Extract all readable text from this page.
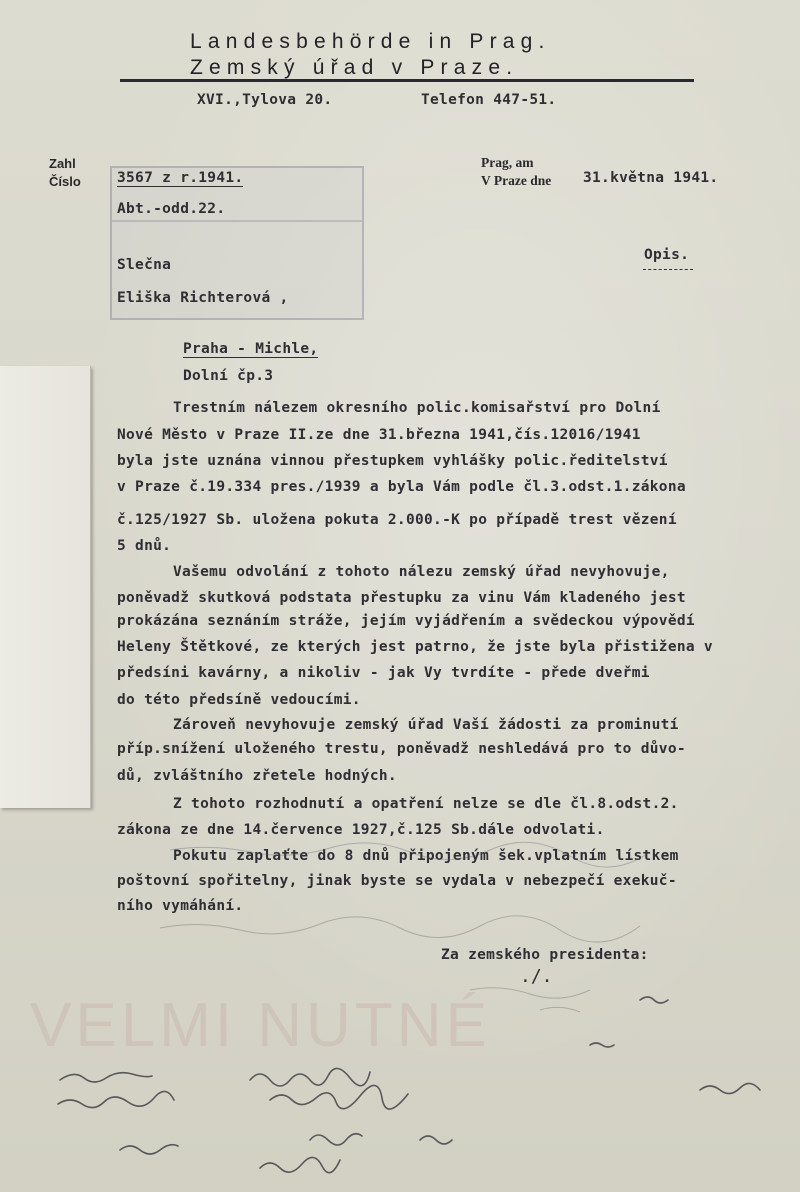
VELMI NUTNÉ
Landesbehörde in Prag.
Zemský úřad v Praze.
XVI.,Tylova 20.	Telefon 447-51.
Zahl
Číslo 3567 z r.1941.
Abt.-odd.22.
Prag, am
V Praze dne 31.května 1941.
Opis.
Slečna
Eliška Richterová ,
Praha - Michle,
Dolní čp.3
Trestním nálezem okresního polic.komisařství pro Dolní
Nové Město v Praze II.ze dne 31.března 1941,čís.12016/1941
byla jste uznána vinnou přestupkem vyhlášky polic.ředitelství
v Praze č.19.334 pres./1939 a byla Vám podle čl.3.odst.1.zákona
č.125/1927 Sb. uložena pokuta 2.000.-K po případě trest vězení
5 dnů.
Vašemu odvolání z tohoto nálezu zemský úřad nevyhovuje,
poněvadž skutková podstata přestupku za vinu Vám kladeného jest
prokázána seznáním stráže, jejím vyjádřením a svědeckou výpovědí
Heleny Štětkové, ze kterých jest patrno, že jste byla přistižena v
předsíni kavárny, a nikoliv - jak Vy tvrdíte - přede dveřmi
do této předsíně vedoucími.
Zároveň nevyhovuje zemský úřad Vaší žádosti za prominutí
příp.snížení uloženého trestu, poněvadž neshledává pro to důvo-
dů, zvláštního zřetele hodných.
Z tohoto rozhodnutí a opatření nelze se dle čl.8.odst.2.
zákona ze dne 14.července 1927,č.125 Sb.dále odvolati.
Pokutu zaplaťte do 8 dnů připojeným šek.vplatním lístkem
poštovní spořitelny, jinak byste se vydala v nebezpečí exekuč-
ního vymáhání.
Za zemského presidenta:
./.
